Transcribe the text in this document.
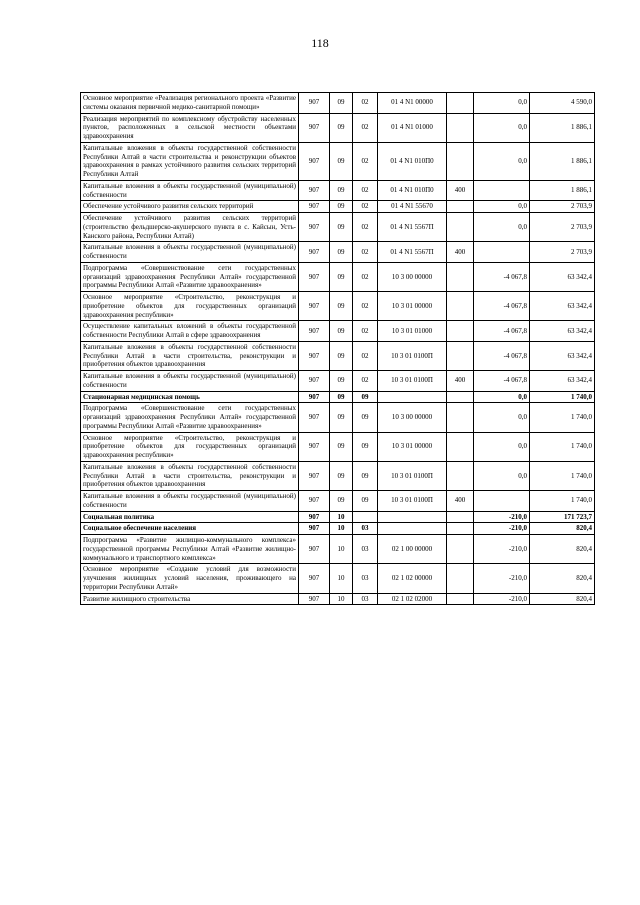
118
Основное мероприятие «Реализация регионального проекта «Развитие системы оказания первичной медико-санитарной помощи»	907	09	02	01 4 N1 00000		0,0	4 590,0
Реализация мероприятий по комплексному обустройству населенных пунктов, расположенных в сельской местности объектами здравоохранения	907	09	02	01 4 N1 01000		0,0	1 886,1
Капитальные вложения в объекты государственной собственности Республики Алтай в части строительства и реконструкции объектов здравоохранения в рамках устойчивого развития сельских территорий Республики Алтай	907	09	02	01 4 N1 010П0		0,0	1 886,1
Капитальные вложения в объекты государственной (муниципальной) собственности	907	09	02	01 4 N1 010П0	400		1 886,1
Обеспечение устойчивого развития сельских территорий	907	09	02	01 4 N1 55670		0,0	2 703,9
Обеспечение устойчивого развития сельских территорий (строительство фельдшерско-акушерского пункта в с. Кайсын, Усть-Канского района, Республики Алтай)	907	09	02	01 4 N1 5567П		0,0	2 703,9
Капитальные вложения в объекты государственной (муниципальной) собственности	907	09	02	01 4 N1 5567П	400		2 703,9
Подпрограмма «Совершенствование сети государственных организаций здравоохранения Республики Алтай» государственной программы Республики Алтай «Развитие здравоохранения»	907	09	02	10 3 00 00000		-4 067,8	63 342,4
Основное мероприятие «Строительство, реконструкция и приобретение объектов для государственных организаций здравоохранения республики»	907	09	02	10 3 01 00000		-4 067,8	63 342,4
Осуществление капитальных вложений в объекты государственной собственности Республики Алтай в сфере здравоохранения	907	09	02	10 3 01 01000		-4 067,8	63 342,4
Капитальные вложения в объекты государственной собственности Республики Алтай в части строительства, реконструкции и приобретения объектов здравоохранения	907	09	02	10 3 01 0100П		-4 067,8	63 342,4
Капитальные вложения в объекты государственной (муниципальной) собственности	907	09	02	10 3 01 0100П	400	-4 067,8	63 342,4
Стационарная медицинская помощь	907	09	09			0,0	1 740,0
Подпрограмма «Совершенствование сети государственных организаций здравоохранения Республики Алтай» государственной программы Республики Алтай «Развитие здравоохранения»	907	09	09	10 3 00 00000		0,0	1 740,0
Основное мероприятие «Строительство, реконструкция и приобретение объектов для государственных организаций здравоохранения республики»	907	09	09	10 3 01 00000		0,0	1 740,0
Капитальные вложения в объекты государственной собственности Республики Алтай в части строительства, реконструкции и приобретения объектов здравоохранения	907	09	09	10 3 01 0100П		0,0	1 740,0
Капитальные вложения в объекты государственной (муниципальной) собственности	907	09	09	10 3 01 0100П	400		1 740,0
Социальная политика	907	10				-210,0	171 723,7
Социальное обеспечение населения	907	10	03			-210,0	820,4
Подпрограмма «Развитие жилищно-коммунального комплекса» государственной программы Республики Алтай «Развитие жилищно-коммунального и транспортного комплекса»	907	10	03	02 1 00 00000		-210,0	820,4
Основное мероприятие «Создание условий для возможности улучшения жилищных условий населения, проживающего на территории Республики Алтай»	907	10	03	02 1 02 00000		-210,0	820,4
Развитие жилищного строительства	907	10	03	02 1 02 02000		-210,0	820,4
